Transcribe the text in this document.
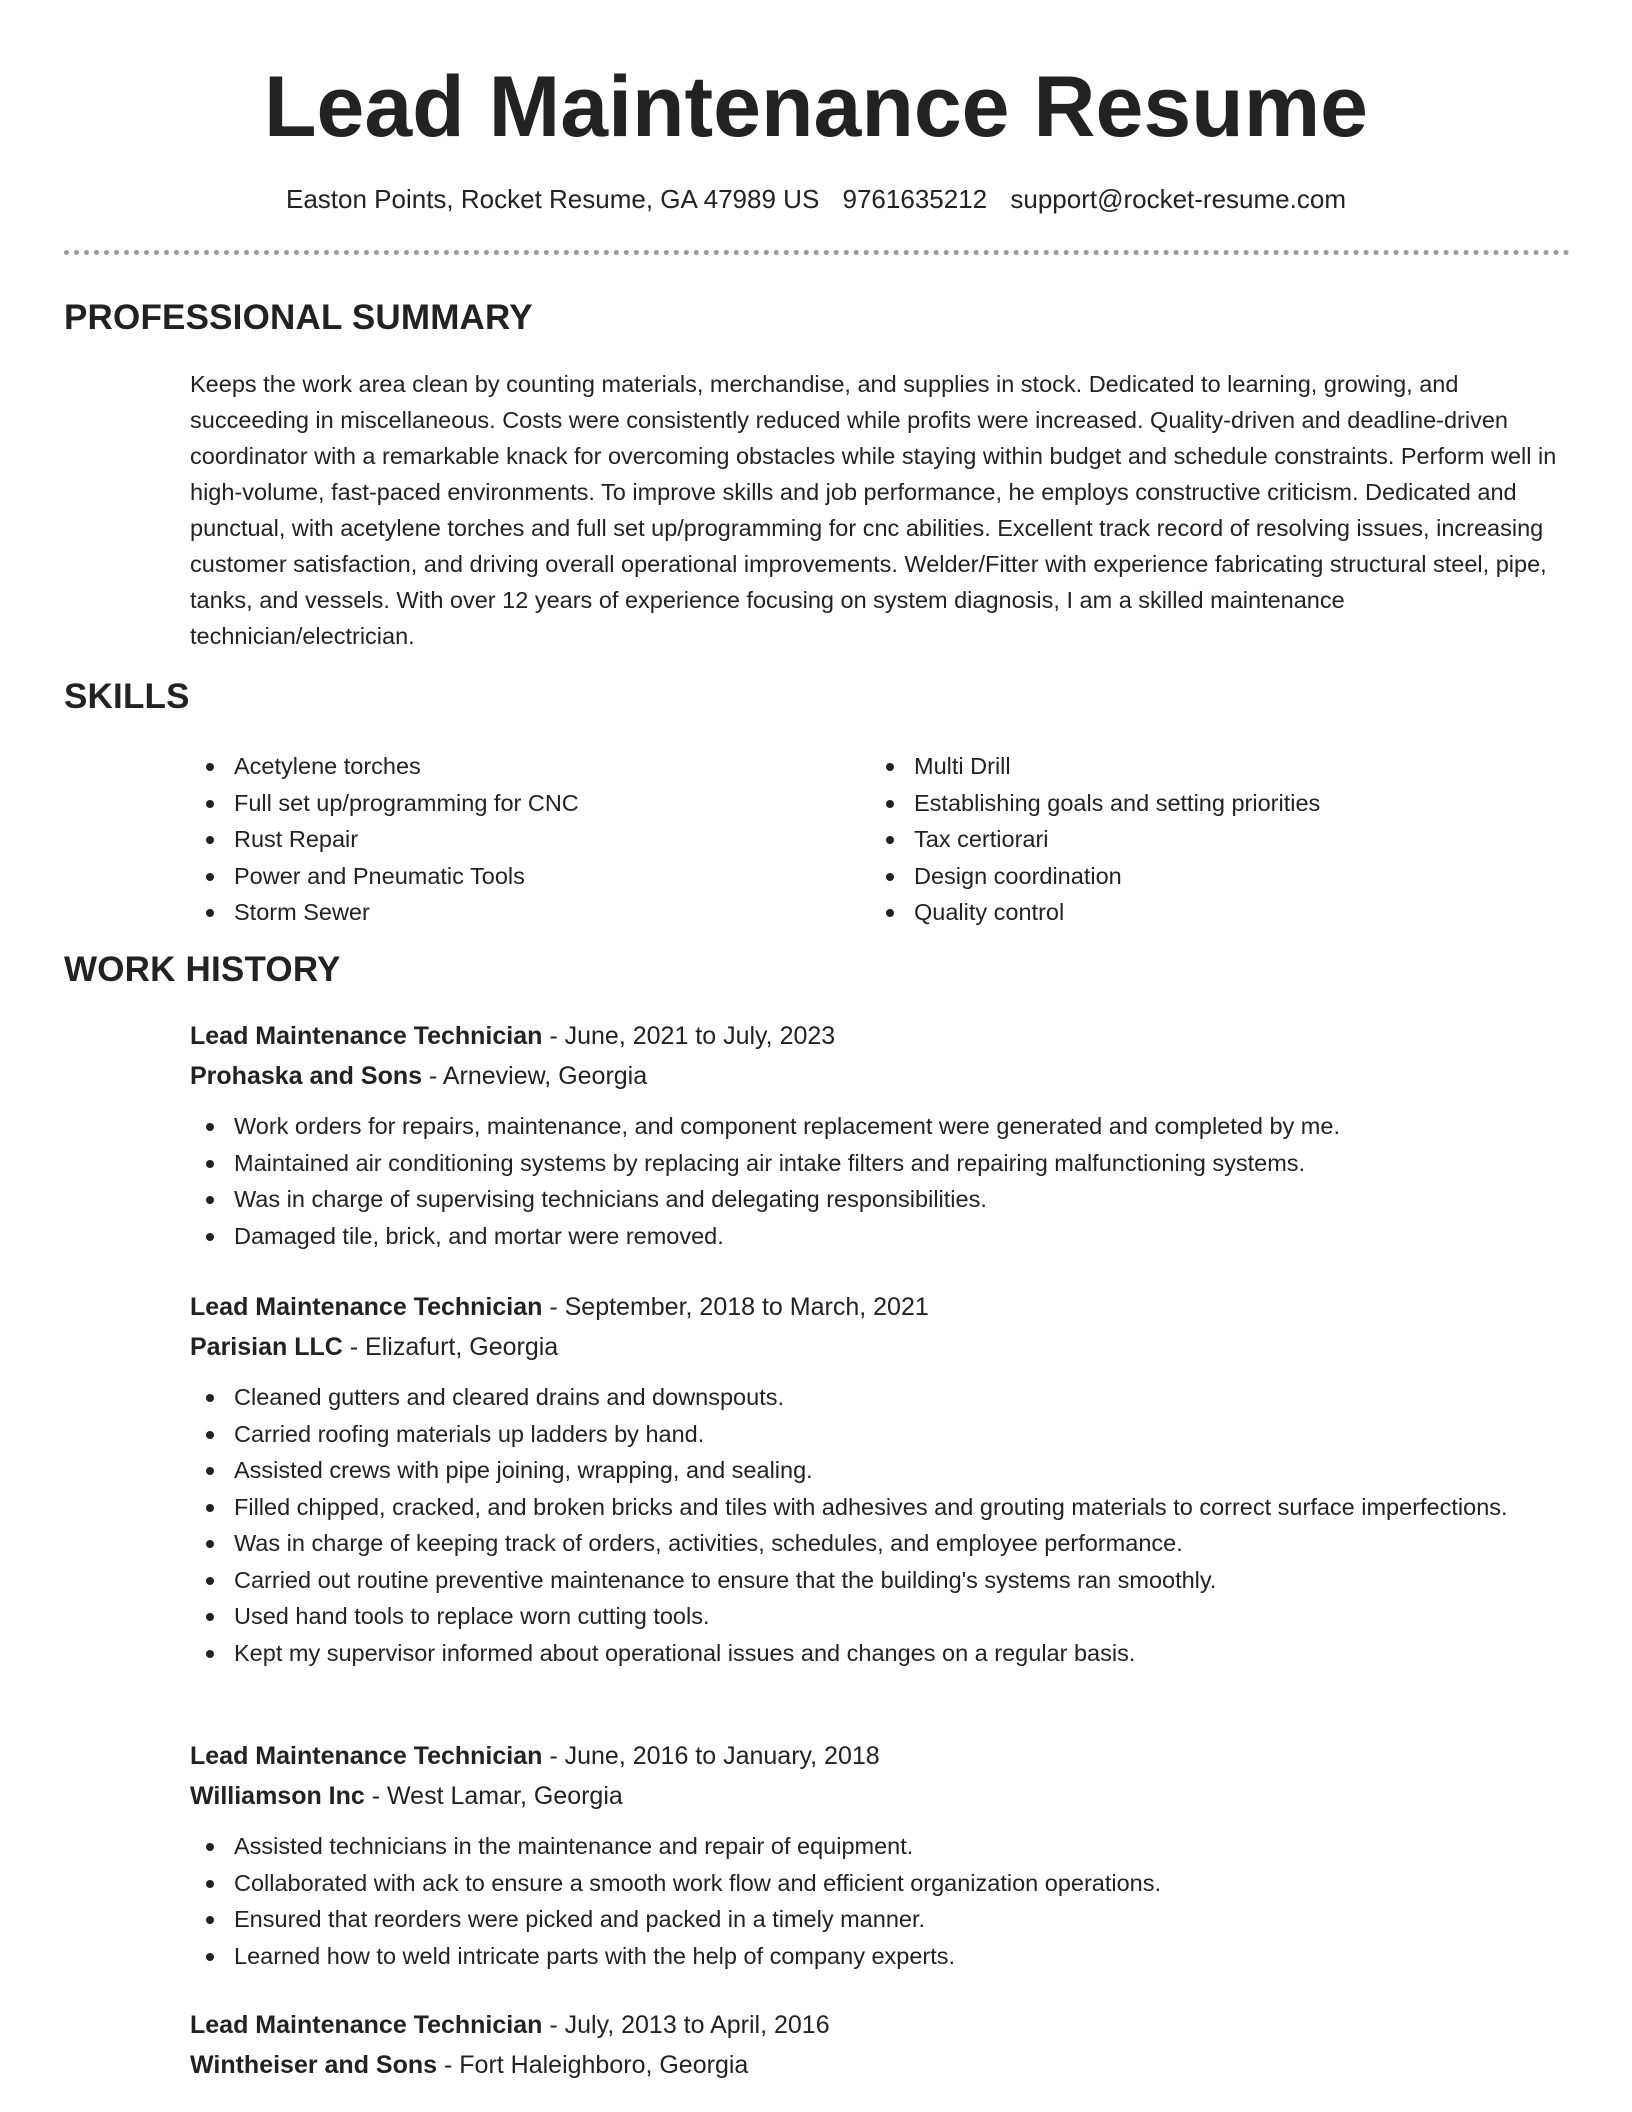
Lead Maintenance Resume
Easton Points, Rocket Resume, GA 47989 US 9761635212 support@rocket-resume.com
PROFESSIONAL SUMMARY

Keeps the work area clean by counting materials, merchandise, and supplies in stock. Dedicated to learning, growing, and succeeding in miscellaneous. Costs were consistently reduced while profits were increased. Quality-driven and deadline-driven coordinator with a remarkable knack for overcoming obstacles while staying within budget and schedule constraints. Perform well in high-volume, fast-paced environments. To improve skills and job performance, he employs constructive criticism. Dedicated and punctual, with acetylene torches and full set up/programming for cnc abilities. Excellent track record of resolving issues, increasing customer satisfaction, and driving overall operational improvements. Welder/Fitter with experience fabricating structural steel, pipe, tanks, and vessels. With over 12 years of experience focusing on system diagnosis, I am a skilled maintenance technician/electrician.

SKILLS
Acetylene torches
Full set up/programming for CNC
Rust Repair
Power and Pneumatic Tools
Storm Sewer
Multi Drill
Establishing goals and setting priorities
Tax certiorari
Design coordination
Quality control
WORK HISTORY
Lead Maintenance Technician - June, 2021 to July, 2023
Prohaska and Sons - Arneview, Georgia
Work orders for repairs, maintenance, and component replacement were generated and completed by me.
Maintained air conditioning systems by replacing air intake filters and repairing malfunctioning systems.
Was in charge of supervising technicians and delegating responsibilities.
Damaged tile, brick, and mortar were removed.
Lead Maintenance Technician - September, 2018 to March, 2021
Parisian LLC - Elizafurt, Georgia
Cleaned gutters and cleared drains and downspouts.
Carried roofing materials up ladders by hand.
Assisted crews with pipe joining, wrapping, and sealing.
Filled chipped, cracked, and broken bricks and tiles with adhesives and grouting materials to correct surface imperfections.
Was in charge of keeping track of orders, activities, schedules, and employee performance.
Carried out routine preventive maintenance to ensure that the building's systems ran smoothly.
Used hand tools to replace worn cutting tools.
Kept my supervisor informed about operational issues and changes on a regular basis.
Lead Maintenance Technician - June, 2016 to January, 2018
Williamson Inc - West Lamar, Georgia
Assisted technicians in the maintenance and repair of equipment.
Collaborated with ack to ensure a smooth work flow and efficient organization operations.
Ensured that reorders were picked and packed in a timely manner.
Learned how to weld intricate parts with the help of company experts.
Lead Maintenance Technician - July, 2013 to April, 2016
Wintheiser and Sons - Fort Haleighboro, Georgia
